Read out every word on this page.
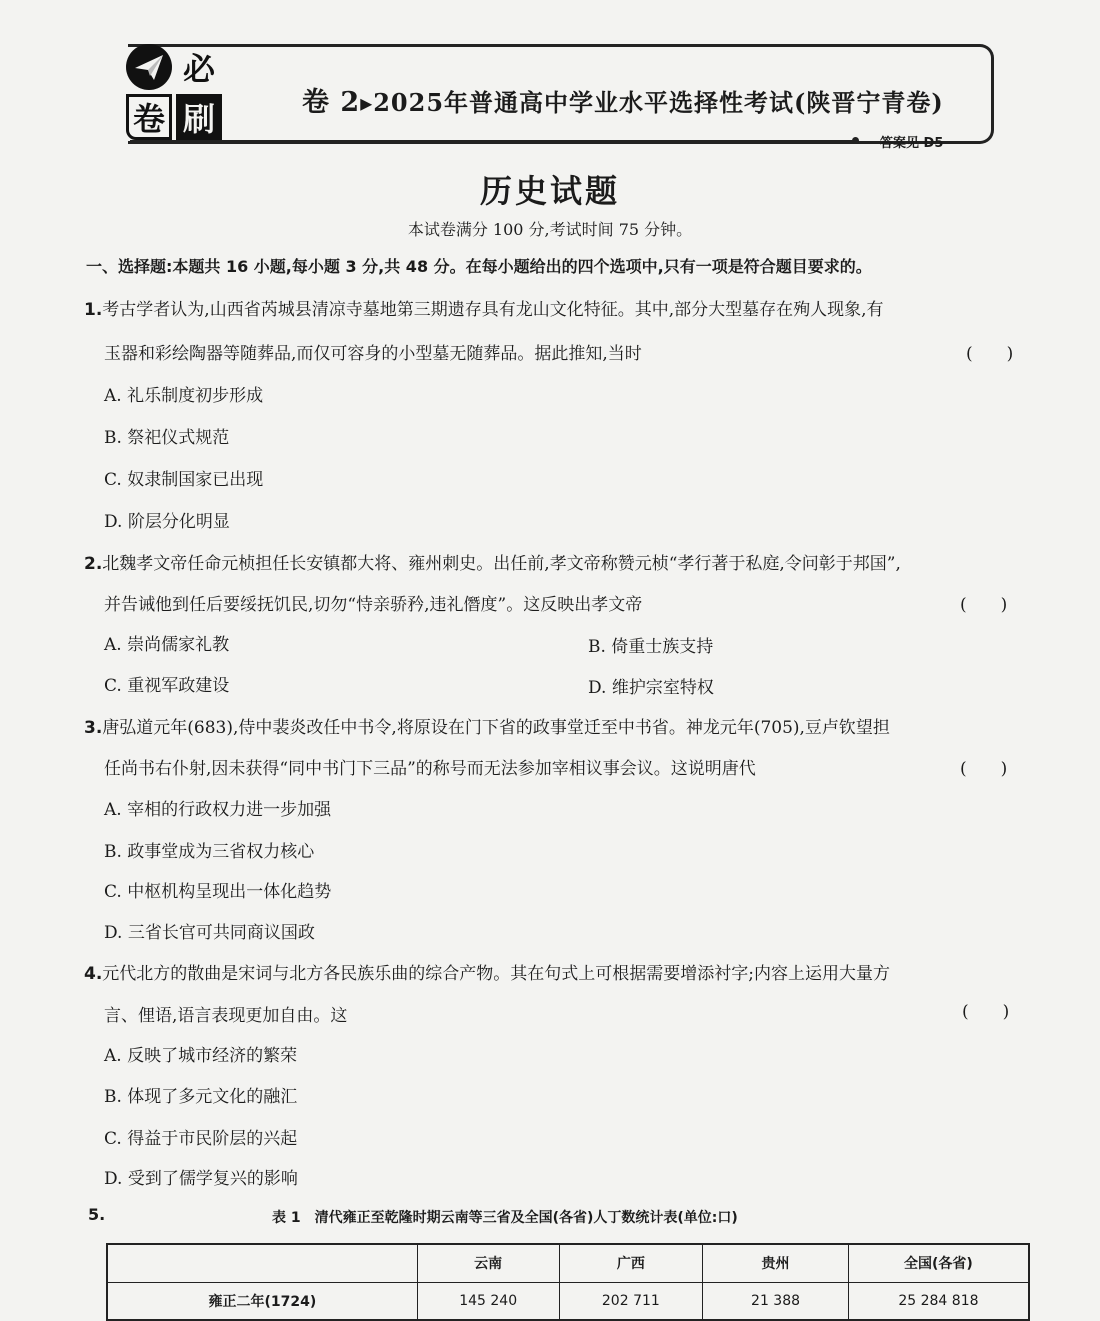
必
卷 刷	卷 2▸2025年普通高中学业水平选择性考试(陕晋宁青卷)
答案见 D5
历史试题
本试卷满分 100 分,考试时间 75 分钟。
一、选择题:本题共 16 小题,每小题 3 分,共 48 分。在每小题给出的四个选项中,只有一项是符合题目要求的。
1.考古学者认为,山西省芮城县清凉寺墓地第三期遗存具有龙山文化特征。其中,部分大型墓存在殉人现象,有
玉器和彩绘陶器等随葬品,而仅可容身的小型墓无随葬品。据此推知,当时	(　　)
A. 礼乐制度初步形成
B. 祭祀仪式规范
C. 奴隶制国家已出现
D. 阶层分化明显
2.北魏孝文帝任命元桢担任长安镇都大将、雍州刺史。出任前,孝文帝称赞元桢“孝行著于私庭,令问彰于邦国”,
并告诫他到任后要绥抚饥民,切勿“恃亲骄矜,违礼僭度”。这反映出孝文帝	(　　)
A. 崇尚儒家礼教	B. 倚重士族支持
C. 重视军政建设	D. 维护宗室特权
3.唐弘道元年(683),侍中裴炎改任中书令,将原设在门下省的政事堂迁至中书省。神龙元年(705),豆卢钦望担
任尚书右仆射,因未获得“同中书门下三品”的称号而无法参加宰相议事会议。这说明唐代	(　　)
A. 宰相的行政权力进一步加强
B. 政事堂成为三省权力核心
C. 中枢机构呈现出一体化趋势
D. 三省长官可共同商议国政
4.元代北方的散曲是宋词与北方各民族乐曲的综合产物。其在句式上可根据需要增添衬字;内容上运用大量方
言、俚语,语言表现更加自由。这	(　　)
A. 反映了城市经济的繁荣
B. 体现了多元文化的融汇
C. 得益于市民阶层的兴起
D. 受到了儒学复兴的影响
5.	表 1　清代雍正至乾隆时期云南等三省及全国(各省)人丁数统计表(单位:口)
	云南	广西	贵州	全国(各省)
雍正二年(1724)	145 240	202 711	21 388	25 284 818
